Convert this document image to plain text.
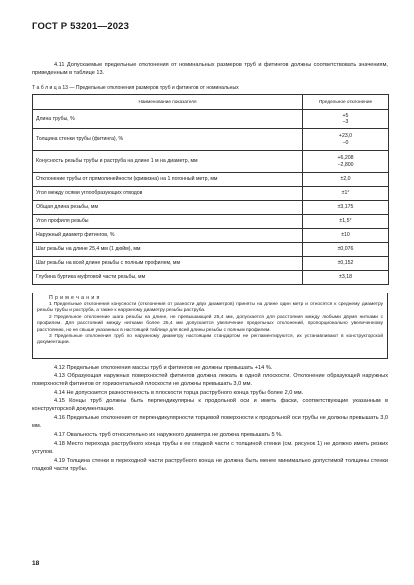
ГОСТ Р 53201—2023
4.11 Допускаемые предельные отклонения от номинальных размеров труб и фитингов должны соответствовать значениям, приведенным в таблице 13.
Т а б л и ц а 13 — Предельные отклонения размеров труб и фитингов от номинальных
Наименование показателя	Предельное отклонение
Длина трубы, %	+5
−3
Толщина стенки трубы (фитинга), %	+23,0
−0
Конусность резьбы трубы и раструба на длине 1 м на диаметр, мм	+6,208
−2,800
Отклонение трубы от прямолинейности (кривизна) на 1 погонный метр, мм	±2,0
Угол между осями углообразующих отводов	±1°
Общая длина резьбы, мм	±3,175
Угол профиля резьбы	±1,5°
Наружный диаметр фитингов, %	±10
Шаг резьбы на длине 25,4 мм (1 дюйм), мм	±0,076
Шаг резьбы на всей длине резьбы с полным профилем, мм	±0,152
Глубина буртика муфтовой части резьбы, мм	±3,18
П р и м е ч а н и я
1 Предельные отклонения конусности (отклонения от разности двух диаметров) приняты на длине один метр и относятся к среднему диаметру резьбы трубы и раструба, а также к наружному диаметру резьбы раструба.
2 Предельное отклонение шага резьбы на длине, не превышающей 25,4 мм, допускается для расстояния между любыми двумя нитками с профилем. Для расстояний между нитками более 25,4 мм допускается увеличение предельных отклонений, пропорционально увеличенному расстоянию, но не свыше указанных в настоящей таблице для всей длины резьбы с полным профилем.
3 Предельные отклонения труб по наружному диаметру настоящим стандартом не регламентируются, их устанавливают в конструкторской документации.
4.12 Предельные отклонения массы труб и фитингов не должны превышать +14 %.
4.13 Образующая наружных поверхностей фитингов должна лежать в одной плоскости. Отклонение образующей наружных поверхностей фитингов от горизонтальной плоскости не должны превышать 3,0 мм.
4.14 Не допускается разностенность в плоскости торца раструбного конца трубы более 2,0 мм.
4.15 Концы труб должны быть перпендикулярны к продольной оси и иметь фаски, соответствующие указанным в конструкторской документации.
4.16 Предельные отклонения от перпендикулярности торцевой поверхности к продольной оси трубы не должны превышать 3,0 мм.
4.17 Овальность труб относительно их наружного диаметра не должна превышать 5 %.
4.18 Место перехода раструбного конца трубы к ее гладкой части с толщиной стенки (см. рисунок 1) не должно иметь резких уступов.
4.19 Толщина стенки в переходной части раструбного конца не должна быть менее минимально допустимой толщины стенки гладкой части трубы.
18
